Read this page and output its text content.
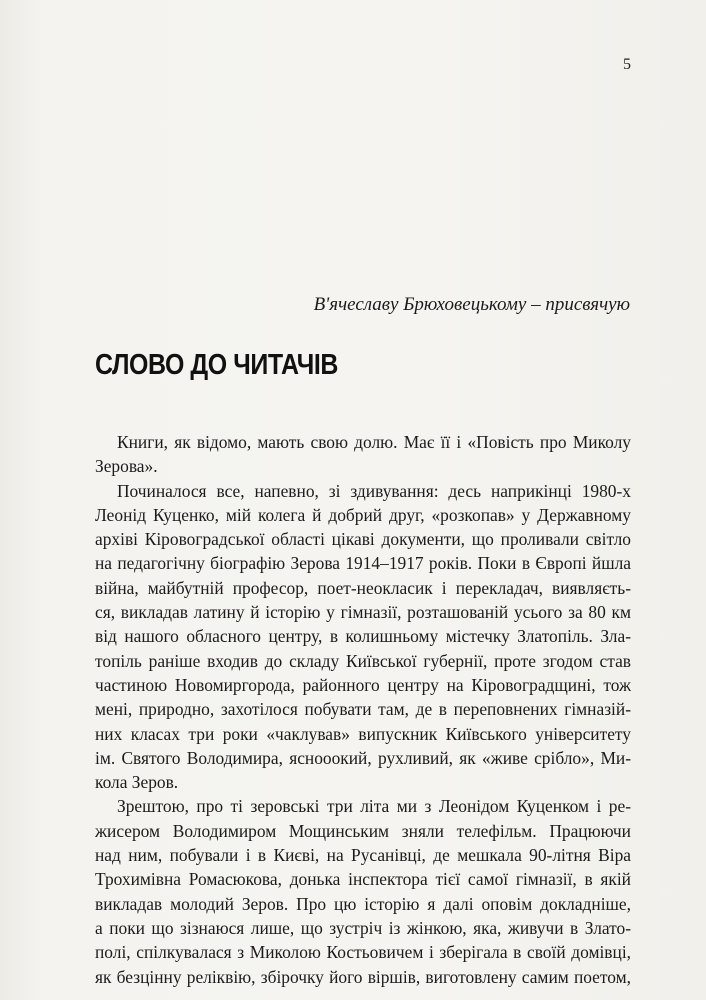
5
В'ячеславу Брюховецькому – присвячую
СЛОВО ДО ЧИТАЧІВ

Книги, як відомо, мають свою долю. Має її і «Повість про Миколу
Зерова».

Починалося все, напевно, зі здивування: десь наприкінці 1980-х
Леонід Куценко, мій колега й добрий друг, «розкопав» у Державному
архіві Кіровоградської області цікаві документи, що проливали світло
на педагогічну біографію Зерова 1914–1917 років. Поки в Європі йшла
війна, майбутній професор, поет-неокласик і перекладач, виявляєть-
ся, викладав латину й історію у гімназії, розташованій усього за 80 км
від нашого обласного центру, в колишньому містечку Златопіль. Зла-
топіль раніше входив до складу Київської губернії, проте згодом став
частиною Новомиргорода, районного центру на Кіровоградщині, тож
мені, природно, захотілося побувати там, де в переповнених гімназій-
них класах три роки «чаклував» випускник Київського університету
ім. Святого Володимира, яснооокий, рухливий, як «живе срібло», Ми-
кола Зеров.

Зрештою, про ті зеровські три літа ми з Леонідом Куценком і ре-
жисером Володимиром Мощинським зняли телефільм. Працюючи
над ним, побували і в Києві, на Русанівці, де мешкала 90-літня Віра
Трохимівна Ромасюкова, донька інспектора тієї самої гімназії, в якій
викладав молодий Зеров. Про цю історію я далі оповім докладніше,
а поки що зізнаюся лише, що зустріч із жінкою, яка, живучи в Злато-
полі, спілкувалася з Миколою Костьовичем і зберігала в своїй домівці,
як безцінну реліквію, збірочку його віршів, виготовлену самим поетом,
